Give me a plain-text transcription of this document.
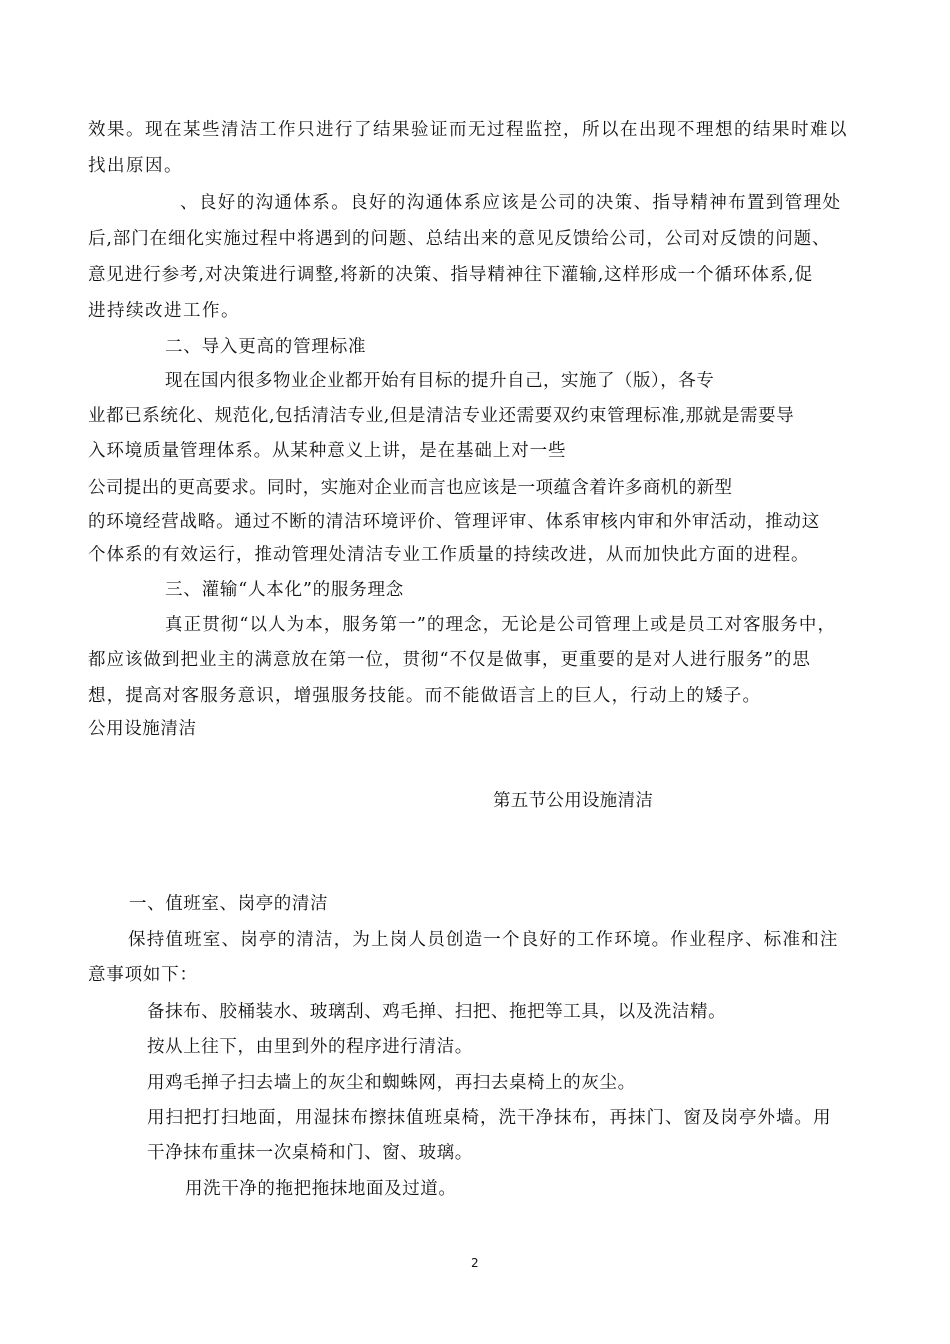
效果。现在某些清洁工作只进行了结果验证而无过程监控，所以在出现不理想的结果时难以
找出原因。
、良好的沟通体系。良好的沟通体系应该是公司的决策、指导精神布置到管理处
后,部门在细化实施过程中将遇到的问题、总结出来的意见反馈给公司，公司对反馈的问题、
意见进行参考,对决策进行调整,将新的决策、指导精神往下灌输,这样形成一个循环体系,促
进持续改进工作。
二、导入更高的管理标准
现在国内很多物业企业都开始有目标的提升自己，实施了（版），各专
业都已系统化、规范化,包括清洁专业,但是清洁专业还需要双约束管理标准,那就是需要导
入环境质量管理体系。从某种意义上讲，是在基础上对一些
公司提出的更高要求。同时，实施对企业而言也应该是一项蕴含着许多商机的新型
的环境经营战略。通过不断的清洁环境评价、管理评审、体系审核内审和外审活动，推动这
个体系的有效运行，推动管理处清洁专业工作质量的持续改进，从而加快此方面的进程。
三、灌输“人本化”的服务理念
真正贯彻“以人为本，服务第一”的理念，无论是公司管理上或是员工对客服务中，
都应该做到把业主的满意放在第一位，贯彻“不仅是做事，更重要的是对人进行服务”的思
想，提高对客服务意识，增强服务技能。而不能做语言上的巨人，行动上的矮子。
公用设施清洁
第五节公用设施清洁
一、值班室、岗亭的清洁
保持值班室、岗亭的清洁，为上岗人员创造一个良好的工作环境。作业程序、标准和注
意事项如下：
备抹布、胶桶装水、玻璃刮、鸡毛掸、扫把、拖把等工具，以及洗洁精。
按从上往下，由里到外的程序进行清洁。
用鸡毛掸子扫去墙上的灰尘和蜘蛛网，再扫去桌椅上的灰尘。
用扫把打扫地面，用湿抹布擦抹值班桌椅，洗干净抹布，再抹门、窗及岗亭外墙。用
干净抹布重抹一次桌椅和门、窗、玻璃。
用洗干净的拖把拖抹地面及过道。
2
